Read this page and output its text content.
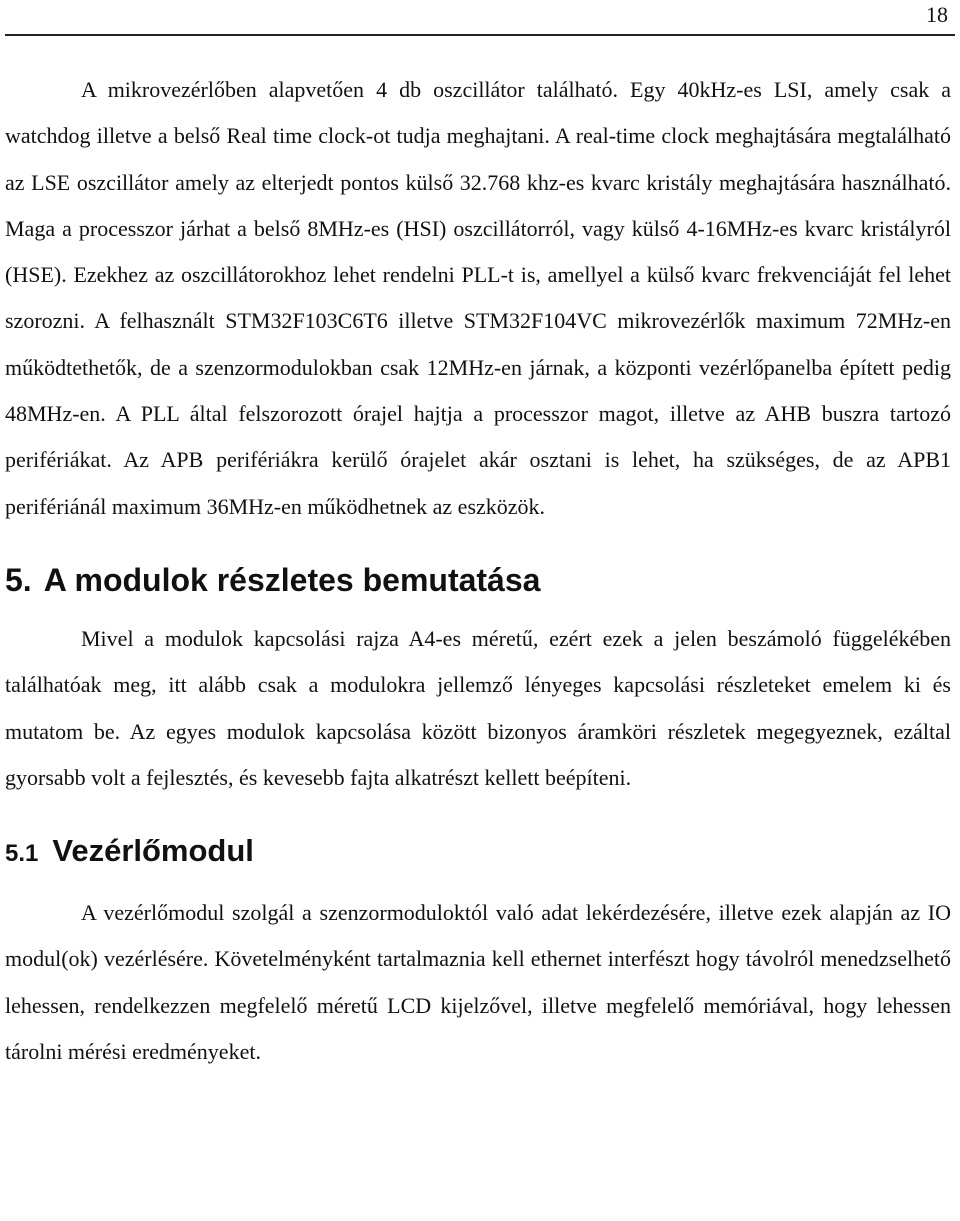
18

A mikrovezérlőben alapvetően 4 db oszcillátor található. Egy 40kHz-es LSI, amely csak a watchdog illetve a belső Real time clock-ot tudja meghajtani. A real-time clock meghajtására megtalálható az LSE oszcillátor amely az elterjedt pontos külső 32.768 khz-es kvarc kristály meghajtására használható. Maga a processzor járhat a belső 8MHz-es (HSI) oszcillátorról, vagy külső 4-16MHz-es kvarc kristályról (HSE). Ezekhez az oszcillátorokhoz lehet rendelni PLL-t is, amellyel a külső kvarc frekvenciáját fel lehet szorozni. A felhasznált STM32F103C6T6 illetve STM32F104VC mikrovezérlők maximum 72MHz-en működtethetők, de a szenzormodulokban csak 12MHz-en járnak, a központi vezérlőpanelba épített pedig 48MHz-en. A PLL által felszorozott órajel hajtja a processzor magot, illetve az AHB buszra tartozó perifériákat. Az APB perifériákra kerülő órajelet akár osztani is lehet, ha szükséges, de az APB1 perifériánál maximum 36MHz-en működhetnek az eszközök.

5. A modulok részletes bemutatása

Mivel a modulok kapcsolási rajza A4-es méretű, ezért ezek a jelen beszámoló függelékében találhatóak meg, itt alább csak a modulokra jellemző lényeges kapcsolási részleteket emelem ki és mutatom be. Az egyes modulok kapcsolása között bizonyos áramköri részletek megegyeznek, ezáltal gyorsabb volt a fejlesztés, és kevesebb fajta alkatrészt kellett beépíteni.

5.1 Vezérlőmodul

A vezérlőmodul szolgál a szenzormoduloktól való adat lekérdezésére, illetve ezek alapján az IO modul(ok) vezérlésére. Követelményként tartalmaznia kell ethernet interfészt hogy távolról menedzselhető lehessen, rendelkezzen megfelelő méretű LCD kijelzővel, illetve megfelelő memóriával, hogy lehessen tárolni mérési eredményeket.
